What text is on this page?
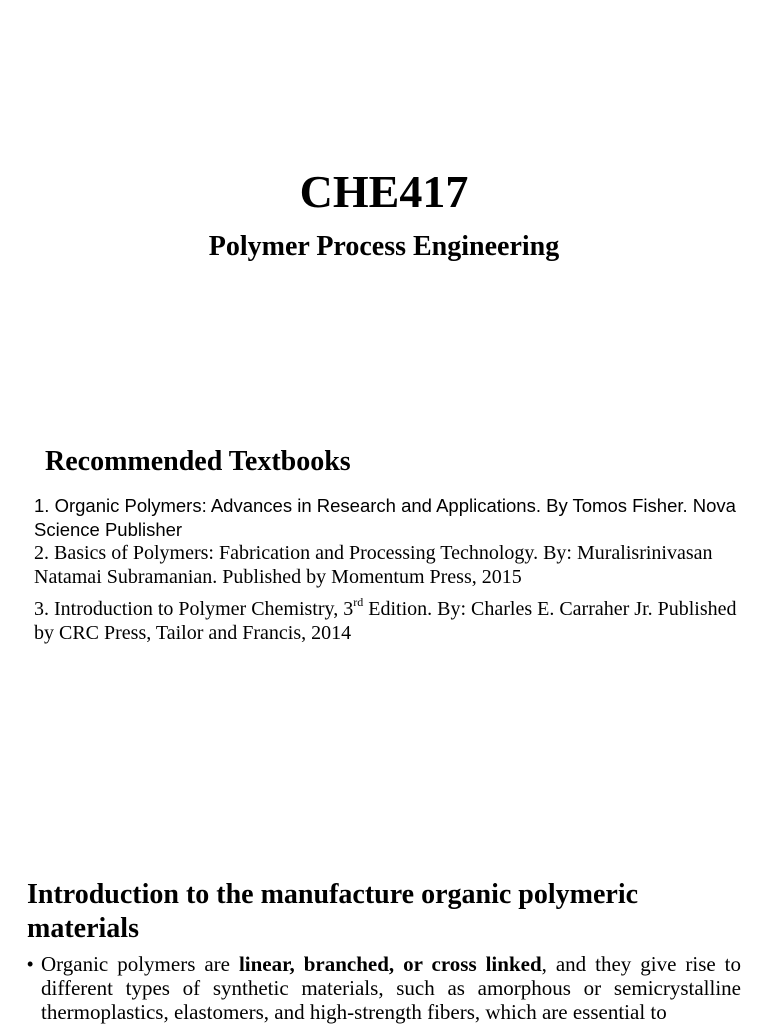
CHE417
Polymer Process Engineering
Recommended Textbooks

1. Organic Polymers: Advances in Research and Applications. By Tomos Fisher. Nova Science Publisher

2. Basics of Polymers: Fabrication and Processing Technology. By: Muralisrinivasan Natamai Subramanian. Published by Momentum Press, 2015

3. Introduction to Polymer Chemistry, 3rd Edition. By: Charles E. Carraher Jr. Published by CRC Press, Tailor and Francis, 2014

Introduction to the manufacture organic polymeric materials
• Organic polymers are linear, branched, or cross linked, and they give rise to different types of synthetic materials, such as amorphous or semicrystalline thermoplastics, elastomers, and high-strength fibers, which are essential to
